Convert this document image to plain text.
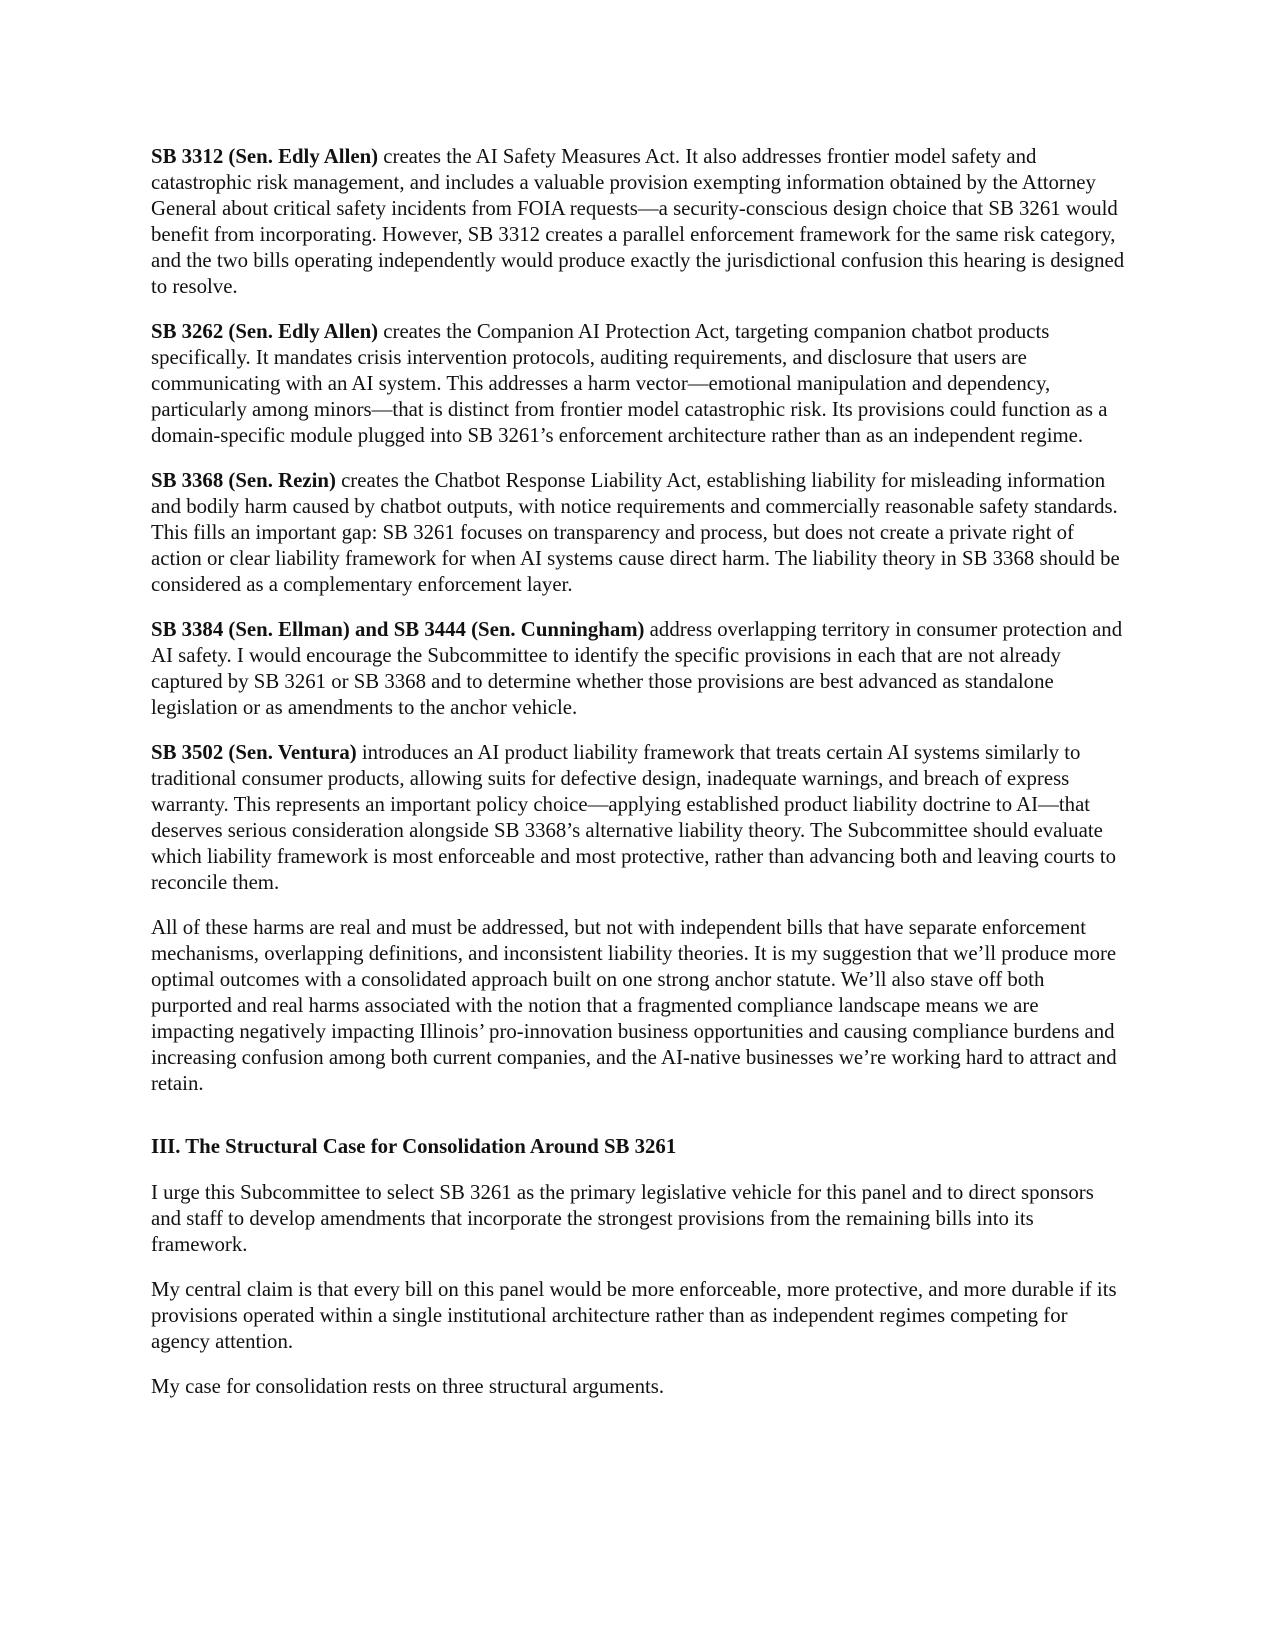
SB 3312 (Sen. Edly Allen) creates the AI Safety Measures Act. It also addresses frontier model safety and catastrophic risk management, and includes a valuable provision exempting information obtained by the Attorney General about critical safety incidents from FOIA requests—a security-conscious design choice that SB 3261 would benefit from incorporating. However, SB 3312 creates a parallel enforcement framework for the same risk category, and the two bills operating independently would produce exactly the jurisdictional confusion this hearing is designed to resolve.

SB 3262 (Sen. Edly Allen) creates the Companion AI Protection Act, targeting companion chatbot products specifically. It mandates crisis intervention protocols, auditing requirements, and disclosure that users are communicating with an AI system. This addresses a harm vector—emotional manipulation and dependency, particularly among minors—that is distinct from frontier model catastrophic risk. Its provisions could function as a domain-specific module plugged into SB 3261’s enforcement architecture rather than as an independent regime.

SB 3368 (Sen. Rezin) creates the Chatbot Response Liability Act, establishing liability for misleading information and bodily harm caused by chatbot outputs, with notice requirements and commercially reasonable safety standards. This fills an important gap: SB 3261 focuses on transparency and process, but does not create a private right of action or clear liability framework for when AI systems cause direct harm. The liability theory in SB 3368 should be considered as a complementary enforcement layer.

SB 3384 (Sen. Ellman) and SB 3444 (Sen. Cunningham) address overlapping territory in consumer protection and AI safety. I would encourage the Subcommittee to identify the specific provisions in each that are not already captured by SB 3261 or SB 3368 and to determine whether those provisions are best advanced as standalone legislation or as amendments to the anchor vehicle.

SB 3502 (Sen. Ventura) introduces an AI product liability framework that treats certain AI systems similarly to traditional consumer products, allowing suits for defective design, inadequate warnings, and breach of express warranty. This represents an important policy choice—applying established product liability doctrine to AI—that deserves serious consideration alongside SB 3368’s alternative liability theory. The Subcommittee should evaluate which liability framework is most enforceable and most protective, rather than advancing both and leaving courts to reconcile them.

All of these harms are real and must be addressed, but not with independent bills that have separate enforcement mechanisms, overlapping definitions, and inconsistent liability theories. It is my suggestion that we’ll produce more optimal outcomes with a consolidated approach built on one strong anchor statute. We’ll also stave off both purported and real harms associated with the notion that a fragmented compliance landscape means we are impacting negatively impacting Illinois’ pro-innovation business opportunities and causing compliance burdens and increasing confusion among both current companies, and the AI-native businesses we’re working hard to attract and retain.

III. The Structural Case for Consolidation Around SB 3261

I urge this Subcommittee to select SB 3261 as the primary legislative vehicle for this panel and to direct sponsors and staff to develop amendments that incorporate the strongest provisions from the remaining bills into its framework.

My central claim is that every bill on this panel would be more enforceable, more protective, and more durable if its provisions operated within a single institutional architecture rather than as independent regimes competing for agency attention.

My case for consolidation rests on three structural arguments.
